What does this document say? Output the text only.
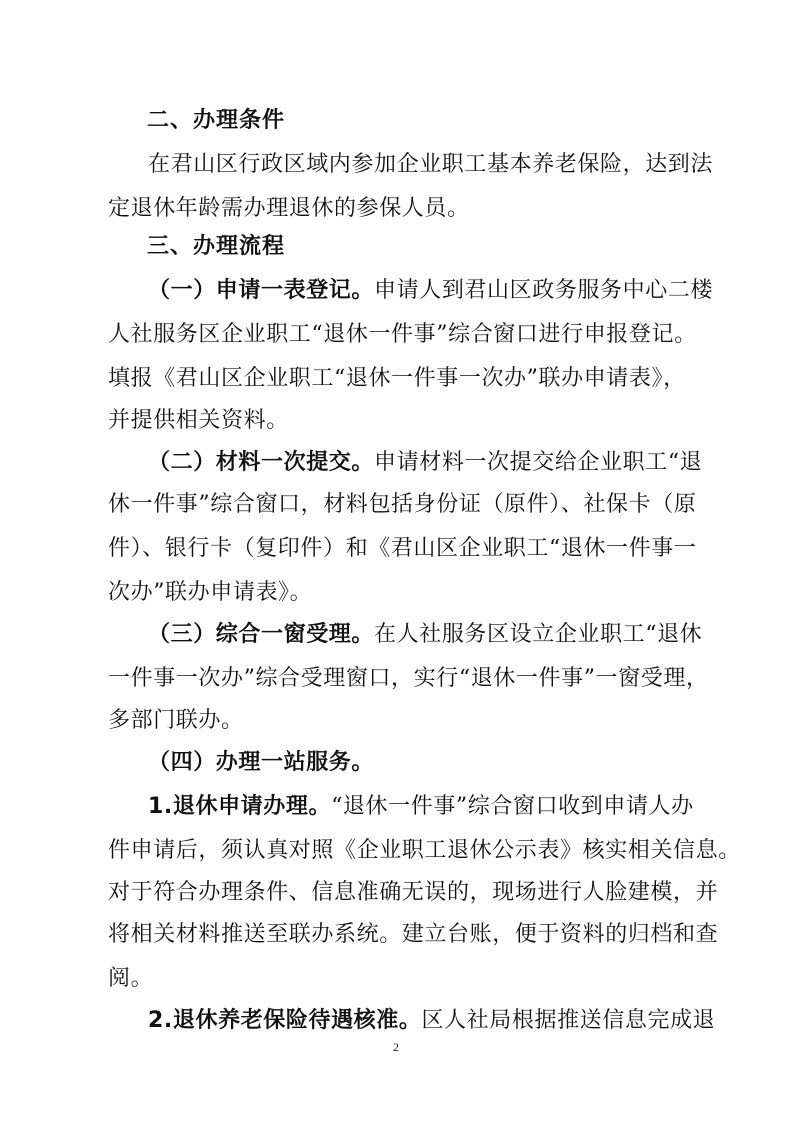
二、办理条件
在君山区行政区域内参加企业职工基本养老保险，达到法
定退休年龄需办理退休的参保人员。
三、办理流程
（一）申请一表登记。申请人到君山区政务服务中心二楼
人社服务区企业职工“退休一件事”综合窗口进行申报登记。
填报《君山区企业职工“退休一件事一次办”联办申请表》，
并提供相关资料。
（二）材料一次提交。申请材料一次提交给企业职工“退
休一件事”综合窗口，材料包括身份证（原件）、社保卡（原
件）、银行卡（复印件）和《君山区企业职工“退休一件事一
次办”联办申请表》。
（三）综合一窗受理。在人社服务区设立企业职工“退休
一件事一次办”综合受理窗口，实行“退休一件事”一窗受理，
多部门联办。
（四）办理一站服务。
1.退休申请办理。“退休一件事”综合窗口收到申请人办
件申请后，须认真对照《企业职工退休公示表》核实相关信息。
对于符合办理条件、信息准确无误的，现场进行人脸建模，并
将相关材料推送至联办系统。建立台账，便于资料的归档和查
阅。
2.退休养老保险待遇核准。区人社局根据推送信息完成退
2
